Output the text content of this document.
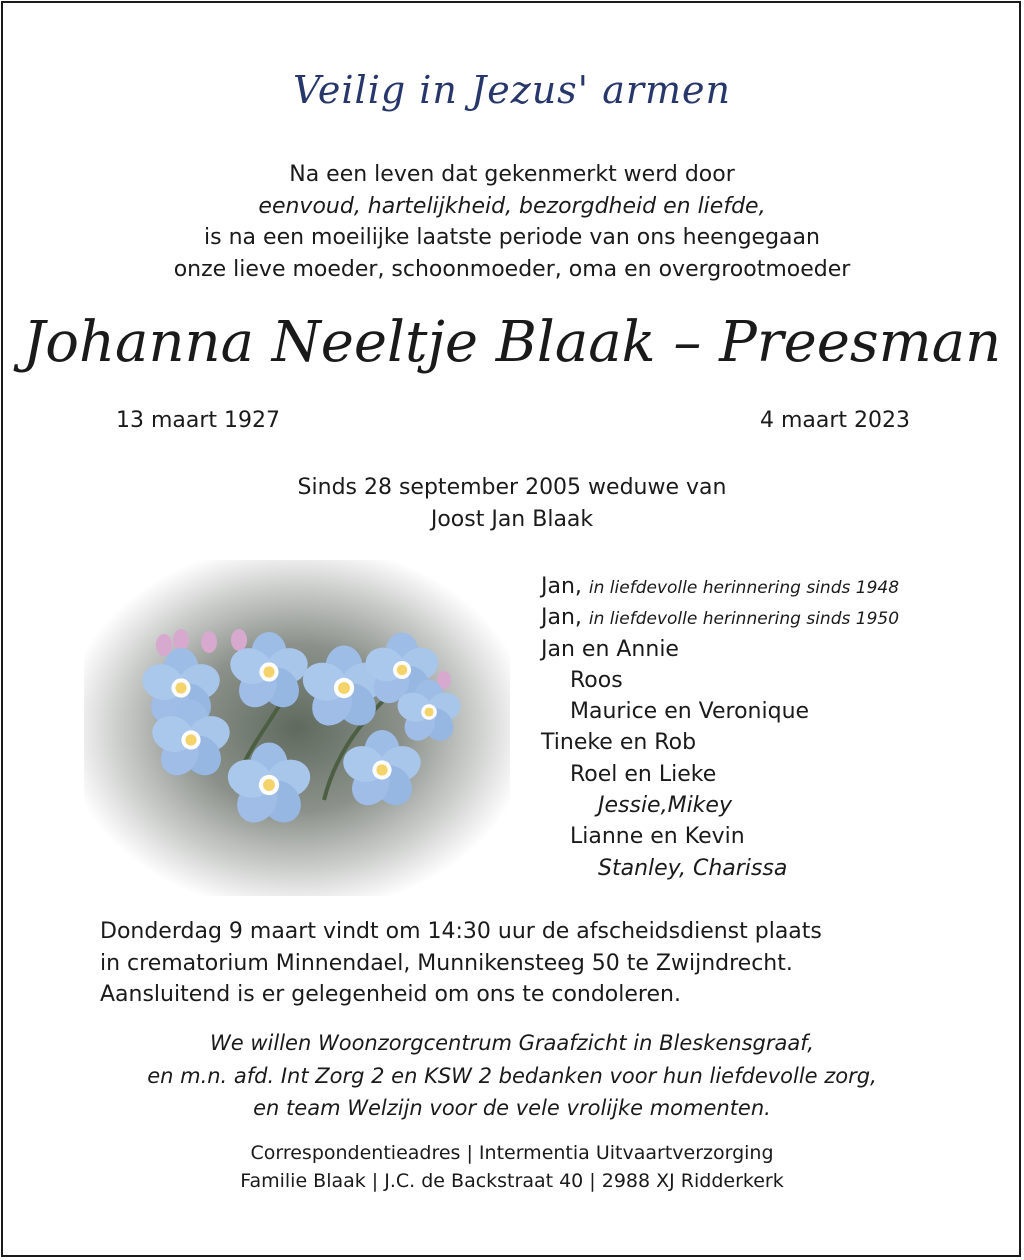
Veilig in Jezus' armen
Na een leven dat gekenmerkt werd door
eenvoud, hartelijkheid, bezorgdheid en liefde,
is na een moeilijke laatste periode van ons heengegaan
onze lieve moeder, schoonmoeder, oma en overgrootmoeder
Johanna Neeltje Blaak – Preesman
13 maart 1927	4 maart 2023
Sinds 28 september 2005 weduwe van
Joost Jan Blaak
Jan, in liefdevolle herinnering sinds 1948
Jan, in liefdevolle herinnering sinds 1950
Jan en Annie
Roos
Maurice en Veronique
Tineke en Rob
Roel en Lieke
Jessie,Mikey
Lianne en Kevin
Stanley, Charissa
Donderdag 9 maart vindt om 14:30 uur de afscheidsdienst plaats
in crematorium Minnendael, Munnikensteeg 50 te Zwijndrecht.
Aansluitend is er gelegenheid om ons te condoleren.
We willen Woonzorgcentrum Graafzicht in Bleskensgraaf,
en m.n. afd. Int Zorg 2 en KSW 2 bedanken voor hun liefdevolle zorg,
en team Welzijn voor de vele vrolijke momenten.
Correspondentieadres | Intermentia Uitvaartverzorging
Familie Blaak | J.C. de Backstraat 40 | 2988 XJ Ridderkerk
